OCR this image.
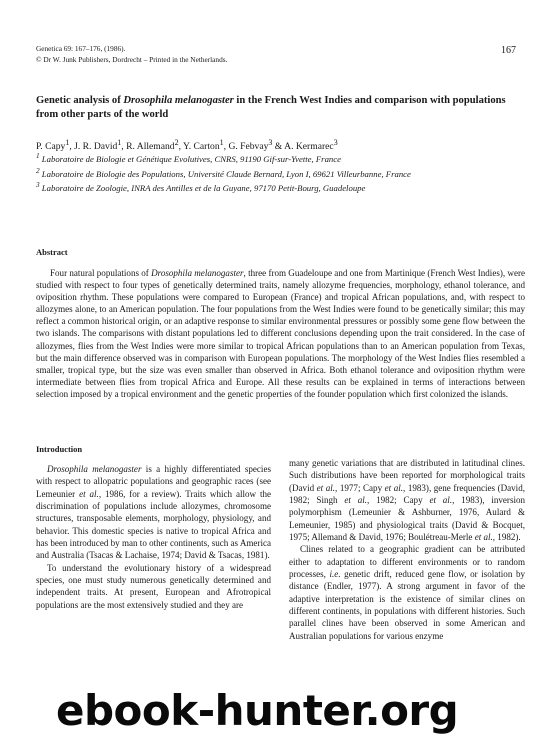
Genetica 69: 167–176, (1986).
© Dr W. Junk Publishers, Dordrecht – Printed in the Netherlands.
167
Genetic analysis of Drosophila melanogaster in the French West Indies and comparison with populations from other parts of the world
P. Capy$^1$, J. R. David$^1$, R. Allemand$^2$, Y. Carton$^1$, G. Febvay$^3$ & A. Kermarec$^3$
$^1$ Laboratoire de Biologie et Génétique Evolutives, CNRS, 91190 Gif-sur-Yvette, France
$^2$ Laboratoire de Biologie des Populations, Université Claude Bernard, Lyon I, 69621 Villeurbanne, France
$^3$ Laboratoire de Zoologie, INRA des Antilles et de la Guyane, 97170 Petit-Bourg, Guadeloupe
Abstract
Four natural populations of Drosophila melanogaster, three from Guadeloupe and one from Martinique (French West Indies), were studied with respect to four types of genetically determined traits, namely allozyme frequencies, morphology, ethanol tolerance, and oviposition rhythm. These populations were compared to European (France) and tropical African populations, and, with respect to allozymes alone, to an American population. The four populations from the West Indies were found to be genetically similar; this may reflect a common historical origin, or an adaptive response to similar environmental pressures or possibly some gene flow between the two islands. The comparisons with distant populations led to different conclusions depending upon the trait considered. In the case of allozymes, flies from the West Indies were more similar to tropical African populations than to an American population from Texas, but the main difference observed was in comparison with European populations. The morphology of the West Indies flies resembled a smaller, tropical type, but the size was even smaller than observed in Africa. Both ethanol tolerance and oviposition rhythm were intermediate between flies from tropical Africa and Europe. All these results can be explained in terms of interactions between selection imposed by a tropical environment and the genetic properties of the founder population which first colonized the islands.
Introduction

Drosophila melanogaster is a highly differentiated species with respect to allopatric populations and geographic races (see Lemeunier et al., 1986, for a review). Traits which allow the discrimination of populations include allozymes, chromosome structures, transposable elements, morphology, physiology, and behavior. This domestic species is native to tropical Africa and has been introduced by man to other continents, such as America and Australia (Tsacas & Lachaise, 1974; David & Tsacas, 1981).

To understand the evolutionary history of a widespread species, one must study numerous genetically determined and independent traits. At present, European and Afrotropical populations are the most extensively studied and they are

many genetic variations that are distributed in latitudinal clines. Such distributions have been reported for morphological traits (David et al., 1977; Capy et al., 1983), gene frequencies (David, 1982; Singh et al., 1982; Capy et al., 1983), inversion polymorphism (Lemeunier & Ashburner, 1976, Aulard & Lemeunier, 1985) and physiological traits (David & Bocquet, 1975; Allemand & David, 1976; Boulétreau-Merle et al., 1982).

Clines related to a geographic gradient can be attributed either to adaptation to different environments or to random processes, i.e. genetic drift, reduced gene flow, or isolation by distance (Endler, 1977). A strong argument in favor of the adaptive interpretation is the existence of similar clines on different continents, in populations with different histories. Such parallel clines have been observed in some American and Australian populations for various enzyme

ebook-hunter.org
